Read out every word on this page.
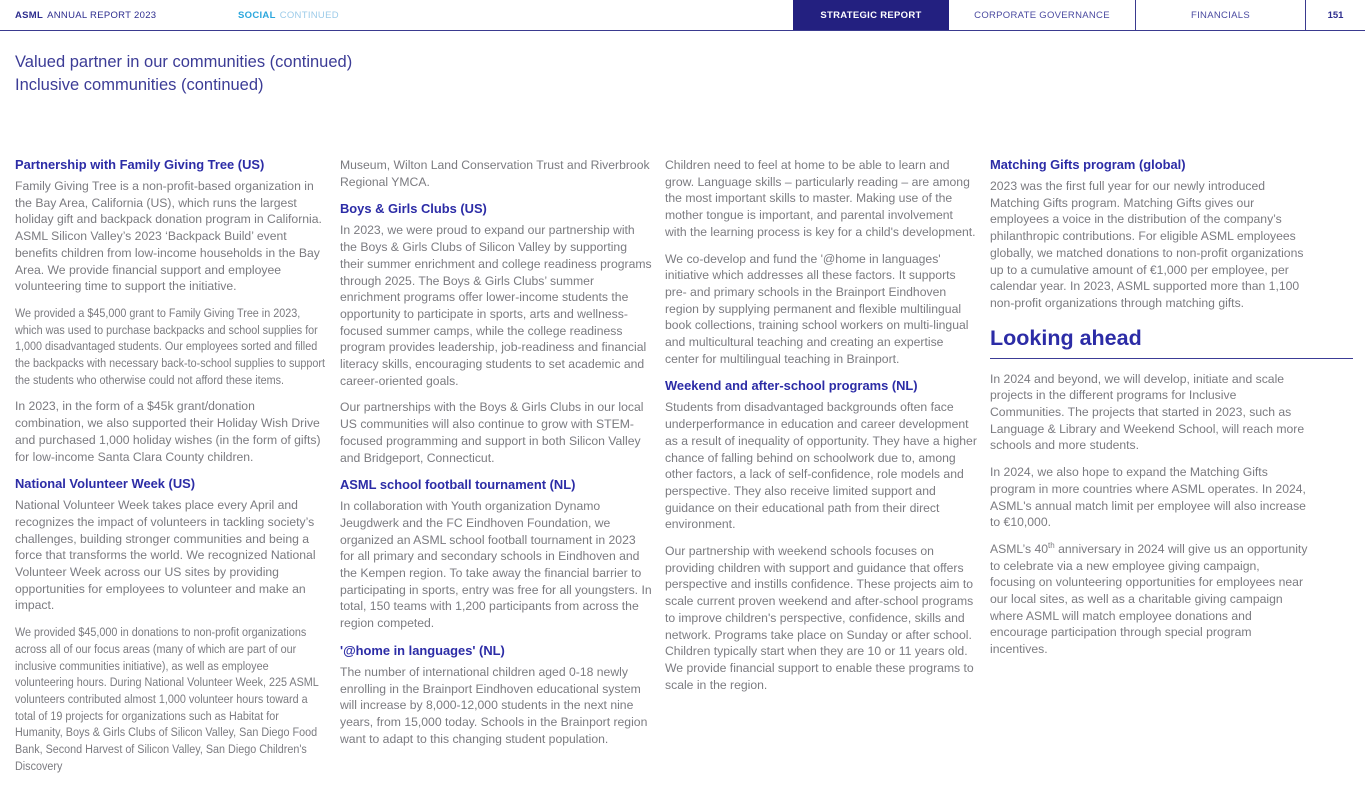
ASML ANNUAL REPORT 2023	SOCIAL CONTINUED	STRATEGIC REPORT	CORPORATE GOVERNANCE	FINANCIALS	151
Valued partner in our communities (continued)
Inclusive communities (continued)
Partnership with Family Giving Tree (US)

Family Giving Tree is a non-profit-based organization in the Bay Area, California (US), which runs the largest holiday gift and backpack donation program in California. ASML Silicon Valley’s 2023 ‘Backpack Build’ event benefits children from low-income households in the Bay Area. We provide financial support and employee volunteering time to support the initiative.

We provided a $45,000 grant to Family Giving Tree in 2023, which was used to purchase backpacks and school supplies for 1,000 disadvantaged students. Our employees sorted and filled the backpacks with necessary back-to-school supplies to support the students who otherwise could not afford these items.

In 2023, in the form of a $45k grant/donation combination, we also supported their Holiday Wish Drive and purchased 1,000 holiday wishes (in the form of gifts) for low-income Santa Clara County children.

National Volunteer Week (US)

National Volunteer Week takes place every April and recognizes the impact of volunteers in tackling society’s challenges, building stronger communities and being a force that transforms the world. We recognized National Volunteer Week across our US sites by providing opportunities for employees to volunteer and make an impact.

We provided $45,000 in donations to non-profit organizations across all of our focus areas (many of which are part of our inclusive communities initiative), as well as employee volunteering hours. During National Volunteer Week, 225 ASML volunteers contributed almost 1,000 volunteer hours toward a total of 19 projects for organizations such as Habitat for Humanity, Boys & Girls Clubs of Silicon Valley, San Diego Food Bank, Second Harvest of Silicon Valley, San Diego Children's Discovery

Museum, Wilton Land Conservation Trust and Riverbrook Regional YMCA.

Boys & Girls Clubs (US)

In 2023, we were proud to expand our partnership with the Boys & Girls Clubs of Silicon Valley by supporting their summer enrichment and college readiness programs through 2025. The Boys & Girls Clubs’ summer enrichment programs offer lower-income students the opportunity to participate in sports, arts and wellness-focused summer camps, while the college readiness program provides leadership, job-readiness and financial literacy skills, encouraging students to set academic and career-oriented goals.

Our partnerships with the Boys & Girls Clubs in our local US communities will also continue to grow with STEM-focused programming and support in both Silicon Valley and Bridgeport, Connecticut.

ASML school football tournament (NL)

In collaboration with Youth organization Dynamo Jeugdwerk and the FC Eindhoven Foundation, we organized an ASML school football tournament in 2023 for all primary and secondary schools in Eindhoven and the Kempen region. To take away the financial barrier to participating in sports, entry was free for all youngsters. In total, 150 teams with 1,200 participants from across the region competed.

'@home in languages' (NL)

The number of international children aged 0-18 newly enrolling in the Brainport Eindhoven educational system will increase by 8,000-12,000 students in the next nine years, from 15,000 today. Schools in the Brainport region want to adapt to this changing student population.

Children need to feel at home to be able to learn and grow. Language skills – particularly reading – are among the most important skills to master. Making use of the mother tongue is important, and parental involvement with the learning process is key for a child's development.

We co-develop and fund the '@home in languages' initiative which addresses all these factors. It supports pre- and primary schools in the Brainport Eindhoven region by supplying permanent and flexible multilingual book collections, training school workers on multi-lingual and multicultural teaching and creating an expertise center for multilingual teaching in Brainport.

Weekend and after-school programs (NL)

Students from disadvantaged backgrounds often face underperformance in education and career development as a result of inequality of opportunity. They have a higher chance of falling behind on schoolwork due to, among other factors, a lack of self-confidence, role models and perspective. They also receive limited support and guidance on their educational path from their direct environment.

Our partnership with weekend schools focuses on providing children with support and guidance that offers perspective and instills confidence. These projects aim to scale current proven weekend and after-school programs to improve children's perspective, confidence, skills and network. Programs take place on Sunday or after school. Children typically start when they are 10 or 11 years old. We provide financial support to enable these programs to scale in the region.

Matching Gifts program (global)

2023 was the first full year for our newly introduced Matching Gifts program. Matching Gifts gives our employees a voice in the distribution of the company’s philanthropic contributions. For eligible ASML employees globally, we matched donations to non-profit organizations up to a cumulative amount of €1,000 per employee, per calendar year. In 2023, ASML supported more than 1,100 non-profit organizations through matching gifts.

Looking ahead

In 2024 and beyond, we will develop, initiate and scale projects in the different programs for Inclusive Communities. The projects that started in 2023, such as Language & Library and Weekend School, will reach more schools and more students.

In 2024, we also hope to expand the Matching Gifts program in more countries where ASML operates. In 2024, ASML's annual match limit per employee will also increase to €10,000.

ASML’s 40th anniversary in 2024 will give us an opportunity to celebrate via a new employee giving campaign, focusing on volunteering opportunities for employees near our local sites, as well as a charitable giving campaign where ASML will match employee donations and encourage participation through special program incentives.
